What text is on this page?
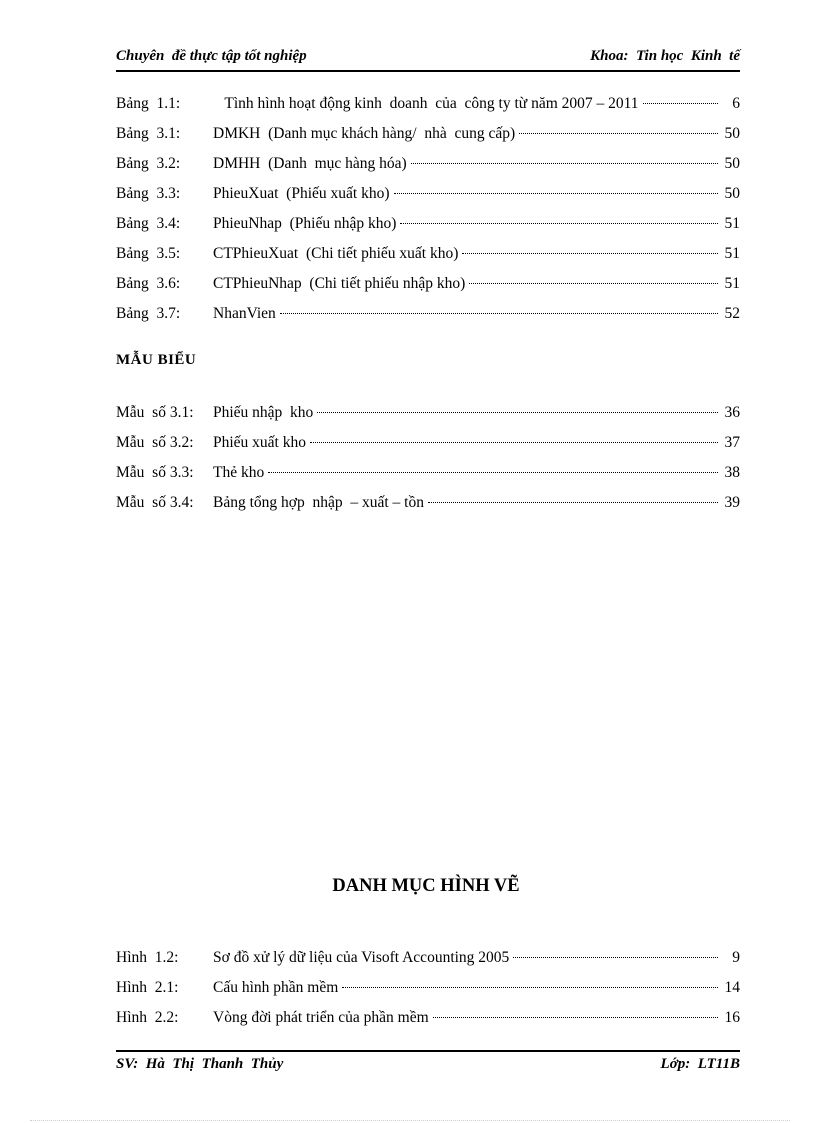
Chuyên  đề thực tập tốt nghiệp	Khoa:  Tin học  Kinh  tế
Bảng  1.1:	Tình hình hoạt động kinh  doanh  của  công ty từ năm 2007 – 2011	6
Bảng  3.1:	DMKH  (Danh mục khách hàng/  nhà  cung cấp)	50
Bảng  3.2:	DMHH  (Danh  mục hàng hóa)	50
Bảng  3.3:	PhieuXuat  (Phiếu xuất kho)	50
Bảng  3.4:	PhieuNhap  (Phiếu nhập kho)	51
Bảng  3.5:	CTPhieuXuat  (Chi tiết phiếu xuất kho)	51
Bảng  3.6:	CTPhieuNhap  (Chi tiết phiếu nhập kho)	51
Bảng  3.7:	NhanVien	52
MẪU BIỂU
Mẫu  số 3.1:	Phiếu nhập  kho	36
Mẫu  số 3.2:	Phiếu xuất kho	37
Mẫu  số 3.3:	Thẻ kho	38
Mẫu  số 3.4:	Bảng tổng hợp  nhập  – xuất – tồn	39
DANH MỤC HÌNH VẼ
Hình  1.2:	Sơ đồ xử lý dữ liệu của Visoft Accounting 2005	9
Hình  2.1:	Cấu hình phần mềm	14
Hình  2.2:	Vòng đời phát triển của phần mềm	16
SV:  Hà  Thị  Thanh  Thủy	Lớp:  LT11B
